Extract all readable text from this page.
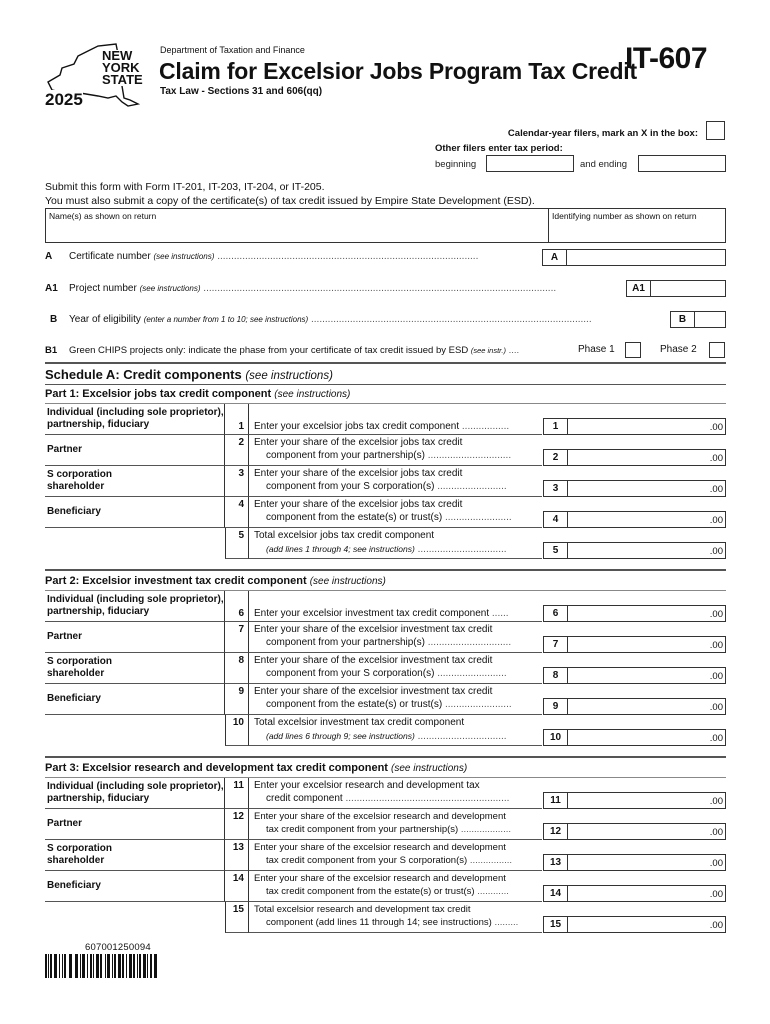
NEW
YORK
STATE
2025
Department of Taxation and Finance
Claim for Excelsior Jobs Program Tax Credit
Tax Law - Sections 31 and 606(qq)
IT-607
Calendar-year filers, mark an X in the box:
Other filers enter tax period:
beginning	and ending
Submit this form with Form IT-201, IT-203, IT-204, or IT-205.
You must also submit a copy of the certificate(s) of tax credit issued by Empire State Development (ESD).
Name(s) as shown on return	Identifying number as shown on return
A Certificate number (see instructions) ..............................................................................................	A
A1 Project number (see instructions) ...............................................................................................................................	A1
B Year of eligibility (enter a number from 1 to 10; see instructions) .....................................................................................................	B
B1 Green CHIPS projects only: indicate the phase from your certificate of tax credit issued by ESD (see instr.) ....	Phase 1	Phase 2
Schedule A: Credit components (see instructions)
Part 1: Excelsior jobs tax credit component (see instructions)
Individual (including sole proprietor), partnership, fiduciary	1	Enter your excelsior jobs tax credit component .................	1	.00
Partner
2	Enter your share of the excelsior jobs tax credit
component from your partnership(s) ..............................	2	.00
S corporation shareholder
3	Enter your share of the excelsior jobs tax credit
component from your S corporation(s) .........................	3	.00
Beneficiary
4	Enter your share of the excelsior jobs tax credit
component from the estate(s) or trust(s) ........................	4	.00
5	Total excelsior jobs tax credit component
(add lines 1 through 4; see instructions) ................................	5	.00
Part 2: Excelsior investment tax credit component (see instructions)
Individual (including sole proprietor), partnership, fiduciary	6	Enter your excelsior investment tax credit component ......	6	.00
Partner
7	Enter your share of the excelsior investment tax credit
component from your partnership(s) ..............................	7	.00
S corporation shareholder
8	Enter your share of the excelsior investment tax credit
component from your S corporation(s) .........................	8	.00
Beneficiary
9	Enter your share of the excelsior investment tax credit
component from the estate(s) or trust(s) ........................	9	.00
10	Total excelsior investment tax credit component
(add lines 6 through 9; see instructions) ................................	10	.00
Part 3: Excelsior research and development tax credit component (see instructions)
Individual (including sole proprietor), partnership, fiduciary
11	Enter your excelsior research and development tax
credit component ...........................................................	11	.00
Partner
12	Enter your share of the excelsior research and development
tax credit component from your partnership(s) ...................	12	.00
S corporation shareholder
13	Enter your share of the excelsior research and development
tax credit component from your S corporation(s) ................	13	.00
Beneficiary
14	Enter your share of the excelsior research and development
tax credit component from the estate(s) or trust(s) ............	14	.00
15	Total excelsior research and development tax credit
component (add lines 11 through 14; see instructions) .........	15	.00
607001250094
